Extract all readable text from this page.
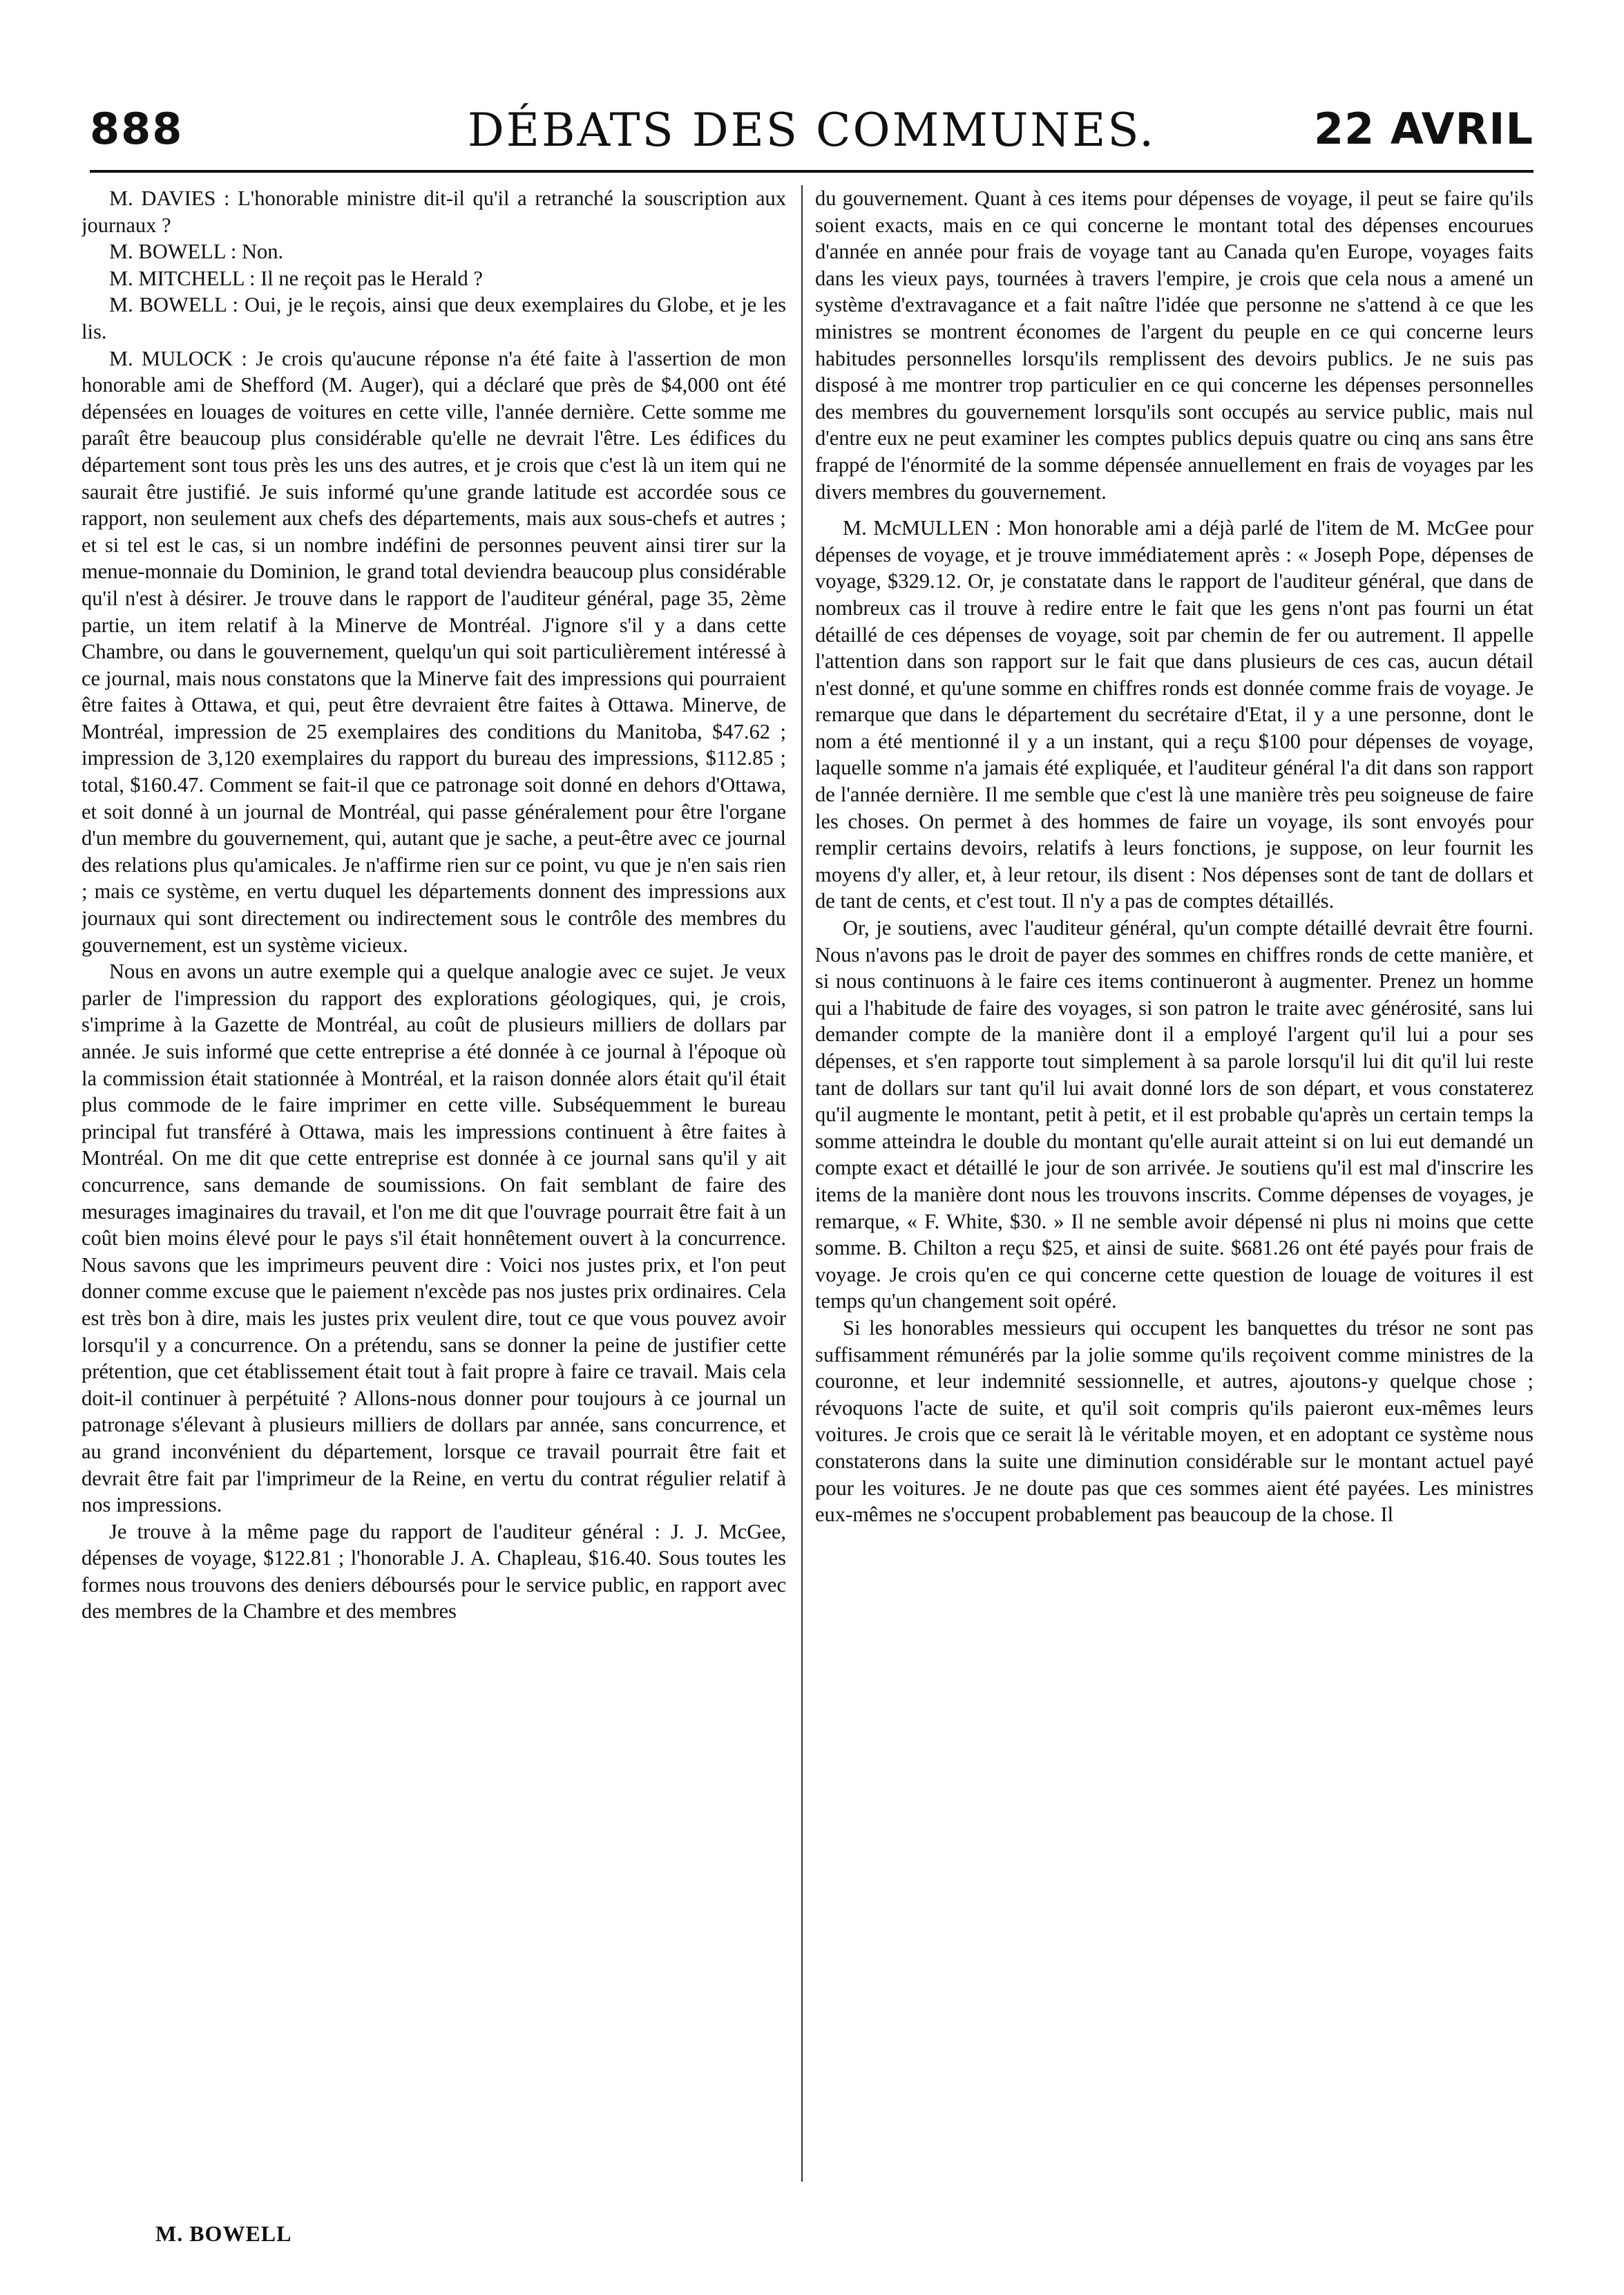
888	DÉBATS DES COMMUNES.	22 AVRIL

M. DAVIES : L'honorable ministre dit-il qu'il a retranché la souscription aux journaux ?

M. BOWELL : Non.

M. MITCHELL : Il ne reçoit pas le Herald ?

M. BOWELL : Oui, je le reçois, ainsi que deux exemplaires du Globe, et je les lis.

M. MULOCK : Je crois qu'aucune réponse n'a été faite à l'assertion de mon honorable ami de Shefford (M. Auger), qui a déclaré que près de $4,000 ont été dépensées en louages de voitures en cette ville, l'année dernière. Cette somme me paraît être beaucoup plus considérable qu'elle ne devrait l'être. Les édifices du département sont tous près les uns des autres, et je crois que c'est là un item qui ne saurait être justifié. Je suis informé qu'une grande latitude est accordée sous ce rapport, non seulement aux chefs des départements, mais aux sous-chefs et autres ; et si tel est le cas, si un nombre indéfini de personnes peuvent ainsi tirer sur la menue-monnaie du Dominion, le grand total deviendra beaucoup plus considérable qu'il n'est à désirer. Je trouve dans le rapport de l'auditeur général, page 35, 2ème partie, un item relatif à la Minerve de Montréal. J'ignore s'il y a dans cette Chambre, ou dans le gouvernement, quelqu'un qui soit particulièrement intéressé à ce journal, mais nous constatons que la Minerve fait des impressions qui pourraient être faites à Ottawa, et qui, peut être devraient être faites à Ottawa. Minerve, de Montréal, impression de 25 exemplaires des conditions du Manitoba, $47.62 ; impression de 3,120 exemplaires du rapport du bureau des impressions, $112.85 ; total, $160.47. Comment se fait-il que ce patronage soit donné en dehors d'Ottawa, et soit donné à un journal de Montréal, qui passe généralement pour être l'organe d'un membre du gouvernement, qui, autant que je sache, a peut-être avec ce journal des relations plus qu'amicales. Je n'affirme rien sur ce point, vu que je n'en sais rien ; mais ce système, en vertu duquel les départements donnent des impressions aux journaux qui sont directement ou indirectement sous le contrôle des membres du gouvernement, est un système vicieux.

Nous en avons un autre exemple qui a quelque analogie avec ce sujet. Je veux parler de l'impression du rapport des explorations géologiques, qui, je crois, s'imprime à la Gazette de Montréal, au coût de plusieurs milliers de dollars par année. Je suis informé que cette entreprise a été donnée à ce journal à l'époque où la commission était stationnée à Montréal, et la raison donnée alors était qu'il était plus commode de le faire imprimer en cette ville. Subséquemment le bureau principal fut transféré à Ottawa, mais les impressions continuent à être faites à Montréal. On me dit que cette entreprise est donnée à ce journal sans qu'il y ait concurrence, sans demande de soumissions. On fait semblant de faire des mesurages imaginaires du travail, et l'on me dit que l'ouvrage pourrait être fait à un coût bien moins élevé pour le pays s'il était honnêtement ouvert à la concurrence. Nous savons que les imprimeurs peuvent dire : Voici nos justes prix, et l'on peut donner comme excuse que le paiement n'excède pas nos justes prix ordinaires. Cela est très bon à dire, mais les justes prix veulent dire, tout ce que vous pouvez avoir lorsqu'il y a concurrence. On a prétendu, sans se donner la peine de justifier cette prétention, que cet établissement était tout à fait propre à faire ce travail. Mais cela doit-il continuer à perpétuité ? Allons-nous donner pour toujours à ce journal un patronage s'élevant à plusieurs milliers de dollars par année, sans concurrence, et au grand inconvénient du département, lorsque ce travail pourrait être fait et devrait être fait par l'imprimeur de la Reine, en vertu du contrat régulier relatif à nos impressions.

Je trouve à la même page du rapport de l'auditeur général : J. J. McGee, dépenses de voyage, $122.81 ; l'honorable J. A. Chapleau, $16.40. Sous toutes les formes nous trouvons des deniers déboursés pour le service public, en rapport avec des membres de la Chambre et des membres

du gouvernement. Quant à ces items pour dépenses de voyage, il peut se faire qu'ils soient exacts, mais en ce qui concerne le montant total des dépenses encourues d'année en année pour frais de voyage tant au Canada qu'en Europe, voyages faits dans les vieux pays, tournées à travers l'empire, je crois que cela nous a amené un système d'extravagance et a fait naître l'idée que personne ne s'attend à ce que les ministres se montrent économes de l'argent du peuple en ce qui concerne leurs habitudes personnelles lorsqu'ils remplissent des devoirs publics. Je ne suis pas disposé à me montrer trop particulier en ce qui concerne les dépenses personnelles des membres du gouvernement lorsqu'ils sont occupés au service public, mais nul d'entre eux ne peut examiner les comptes publics depuis quatre ou cinq ans sans être frappé de l'énormité de la somme dépensée annuellement en frais de voyages par les divers membres du gouvernement.

M. McMULLEN : Mon honorable ami a déjà parlé de l'item de M. McGee pour dépenses de voyage, et je trouve immédiatement après : « Joseph Pope, dépenses de voyage, $329.12. Or, je constatate dans le rapport de l'auditeur général, que dans de nombreux cas il trouve à redire entre le fait que les gens n'ont pas fourni un état détaillé de ces dépenses de voyage, soit par chemin de fer ou autrement. Il appelle l'attention dans son rapport sur le fait que dans plusieurs de ces cas, aucun détail n'est donné, et qu'une somme en chiffres ronds est donnée comme frais de voyage. Je remarque que dans le département du secrétaire d'Etat, il y a une personne, dont le nom a été mentionné il y a un instant, qui a reçu $100 pour dépenses de voyage, laquelle somme n'a jamais été expliquée, et l'auditeur général l'a dit dans son rapport de l'année dernière. Il me semble que c'est là une manière très peu soigneuse de faire les choses. On permet à des hommes de faire un voyage, ils sont envoyés pour remplir certains devoirs, relatifs à leurs fonctions, je suppose, on leur fournit les moyens d'y aller, et, à leur retour, ils disent : Nos dépenses sont de tant de dollars et de tant de cents, et c'est tout. Il n'y a pas de comptes détaillés.

Or, je soutiens, avec l'auditeur général, qu'un compte détaillé devrait être fourni. Nous n'avons pas le droit de payer des sommes en chiffres ronds de cette manière, et si nous continuons à le faire ces items continueront à augmenter. Prenez un homme qui a l'habitude de faire des voyages, si son patron le traite avec générosité, sans lui demander compte de la manière dont il a employé l'argent qu'il lui a pour ses dépenses, et s'en rapporte tout simplement à sa parole lorsqu'il lui dit qu'il lui reste tant de dollars sur tant qu'il lui avait donné lors de son départ, et vous constaterez qu'il augmente le montant, petit à petit, et il est probable qu'après un certain temps la somme atteindra le double du montant qu'elle aurait atteint si on lui eut demandé un compte exact et détaillé le jour de son arrivée. Je soutiens qu'il est mal d'inscrire les items de la manière dont nous les trouvons inscrits. Comme dépenses de voyages, je remarque, « F. White, $30. » Il ne semble avoir dépensé ni plus ni moins que cette somme. B. Chilton a reçu $25, et ainsi de suite. $681.26 ont été payés pour frais de voyage. Je crois qu'en ce qui concerne cette question de louage de voitures il est temps qu'un changement soit opéré.

Si les honorables messieurs qui occupent les banquettes du trésor ne sont pas suffisamment rémunérés par la jolie somme qu'ils reçoivent comme ministres de la couronne, et leur indemnité sessionnelle, et autres, ajoutons-y quelque chose ; révoquons l'acte de suite, et qu'il soit compris qu'ils paieront eux-mêmes leurs voitures. Je crois que ce serait là le véritable moyen, et en adoptant ce système nous constaterons dans la suite une diminution considérable sur le montant actuel payé pour les voitures. Je ne doute pas que ces sommes aient été payées. Les ministres eux-mêmes ne s'occupent probablement pas beaucoup de la chose. Il

M. BOWELL
